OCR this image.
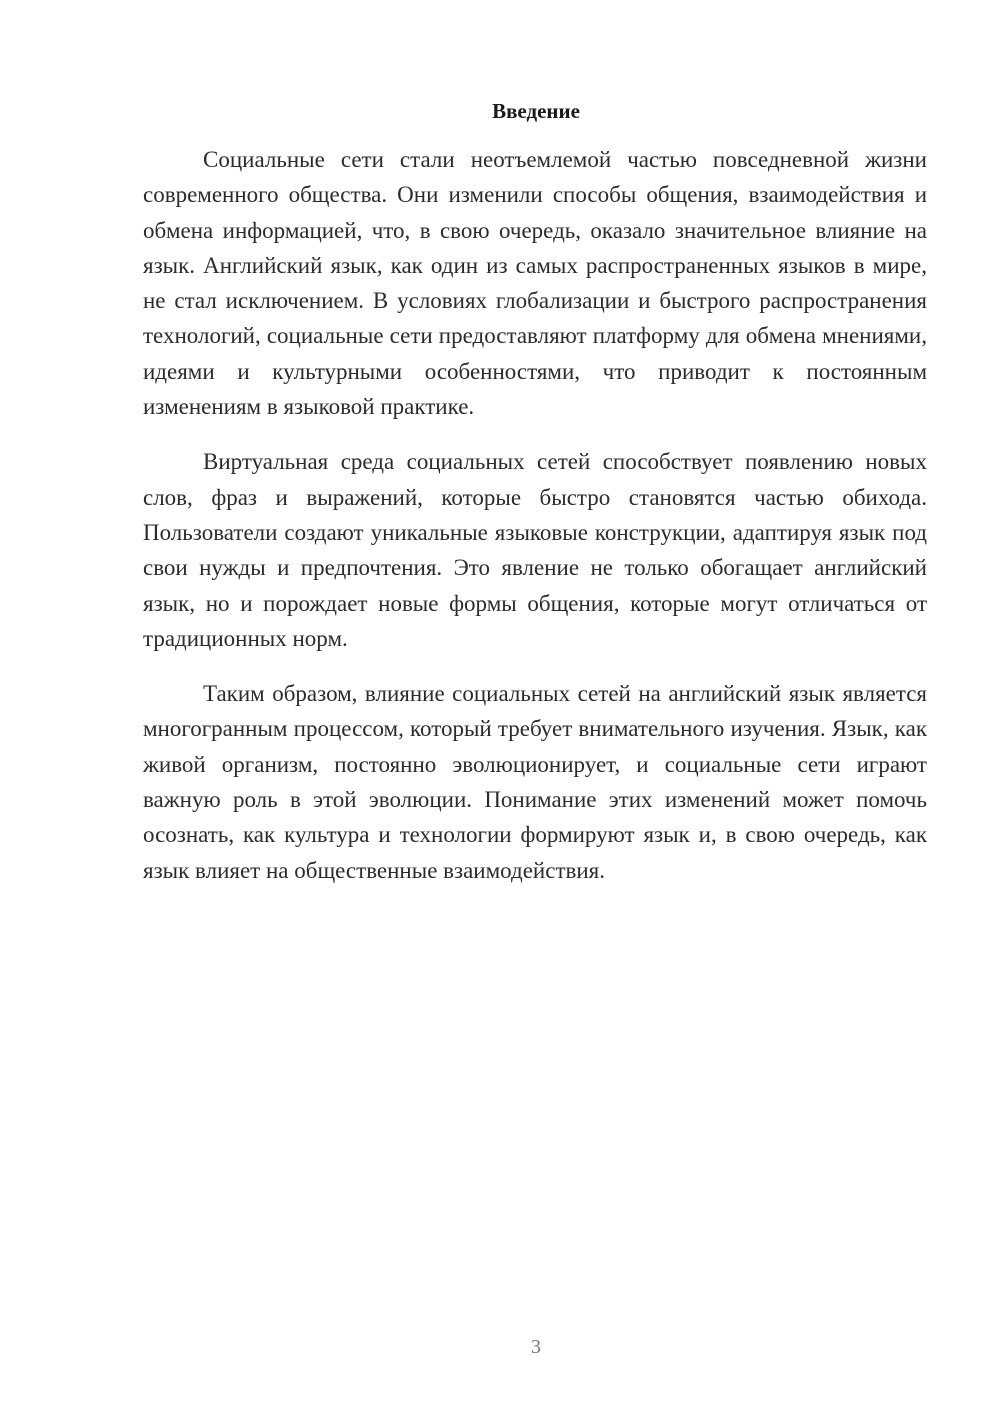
Введение

Социальные сети стали неотъемлемой частью повседневной жизни современного общества. Они изменили способы общения, взаимодействия и обмена информацией, что, в свою очередь, оказало значительное влияние на язык. Английский язык, как один из самых распространенных языков в мире, не стал исключением. В условиях глобализации и быстрого распространения технологий, социальные сети предоставляют платформу для обмена мнениями, идеями и культурными особенностями, что приводит к постоянным изменениям в языковой практике.

Виртуальная среда социальных сетей способствует появлению новых слов, фраз и выражений, которые быстро становятся частью обихода. Пользователи создают уникальные языковые конструкции, адаптируя язык под свои нужды и предпочтения. Это явление не только обогащает английский язык, но и порождает новые формы общения, которые могут отличаться от традиционных норм.

Таким образом, влияние социальных сетей на английский язык является многогранным процессом, который требует внимательного изучения. Язык, как живой организм, постоянно эволюционирует, и социальные сети играют важную роль в этой эволюции. Понимание этих изменений может помочь осознать, как культура и технологии формируют язык и, в свою очередь, как язык влияет на общественные взаимодействия.

3
